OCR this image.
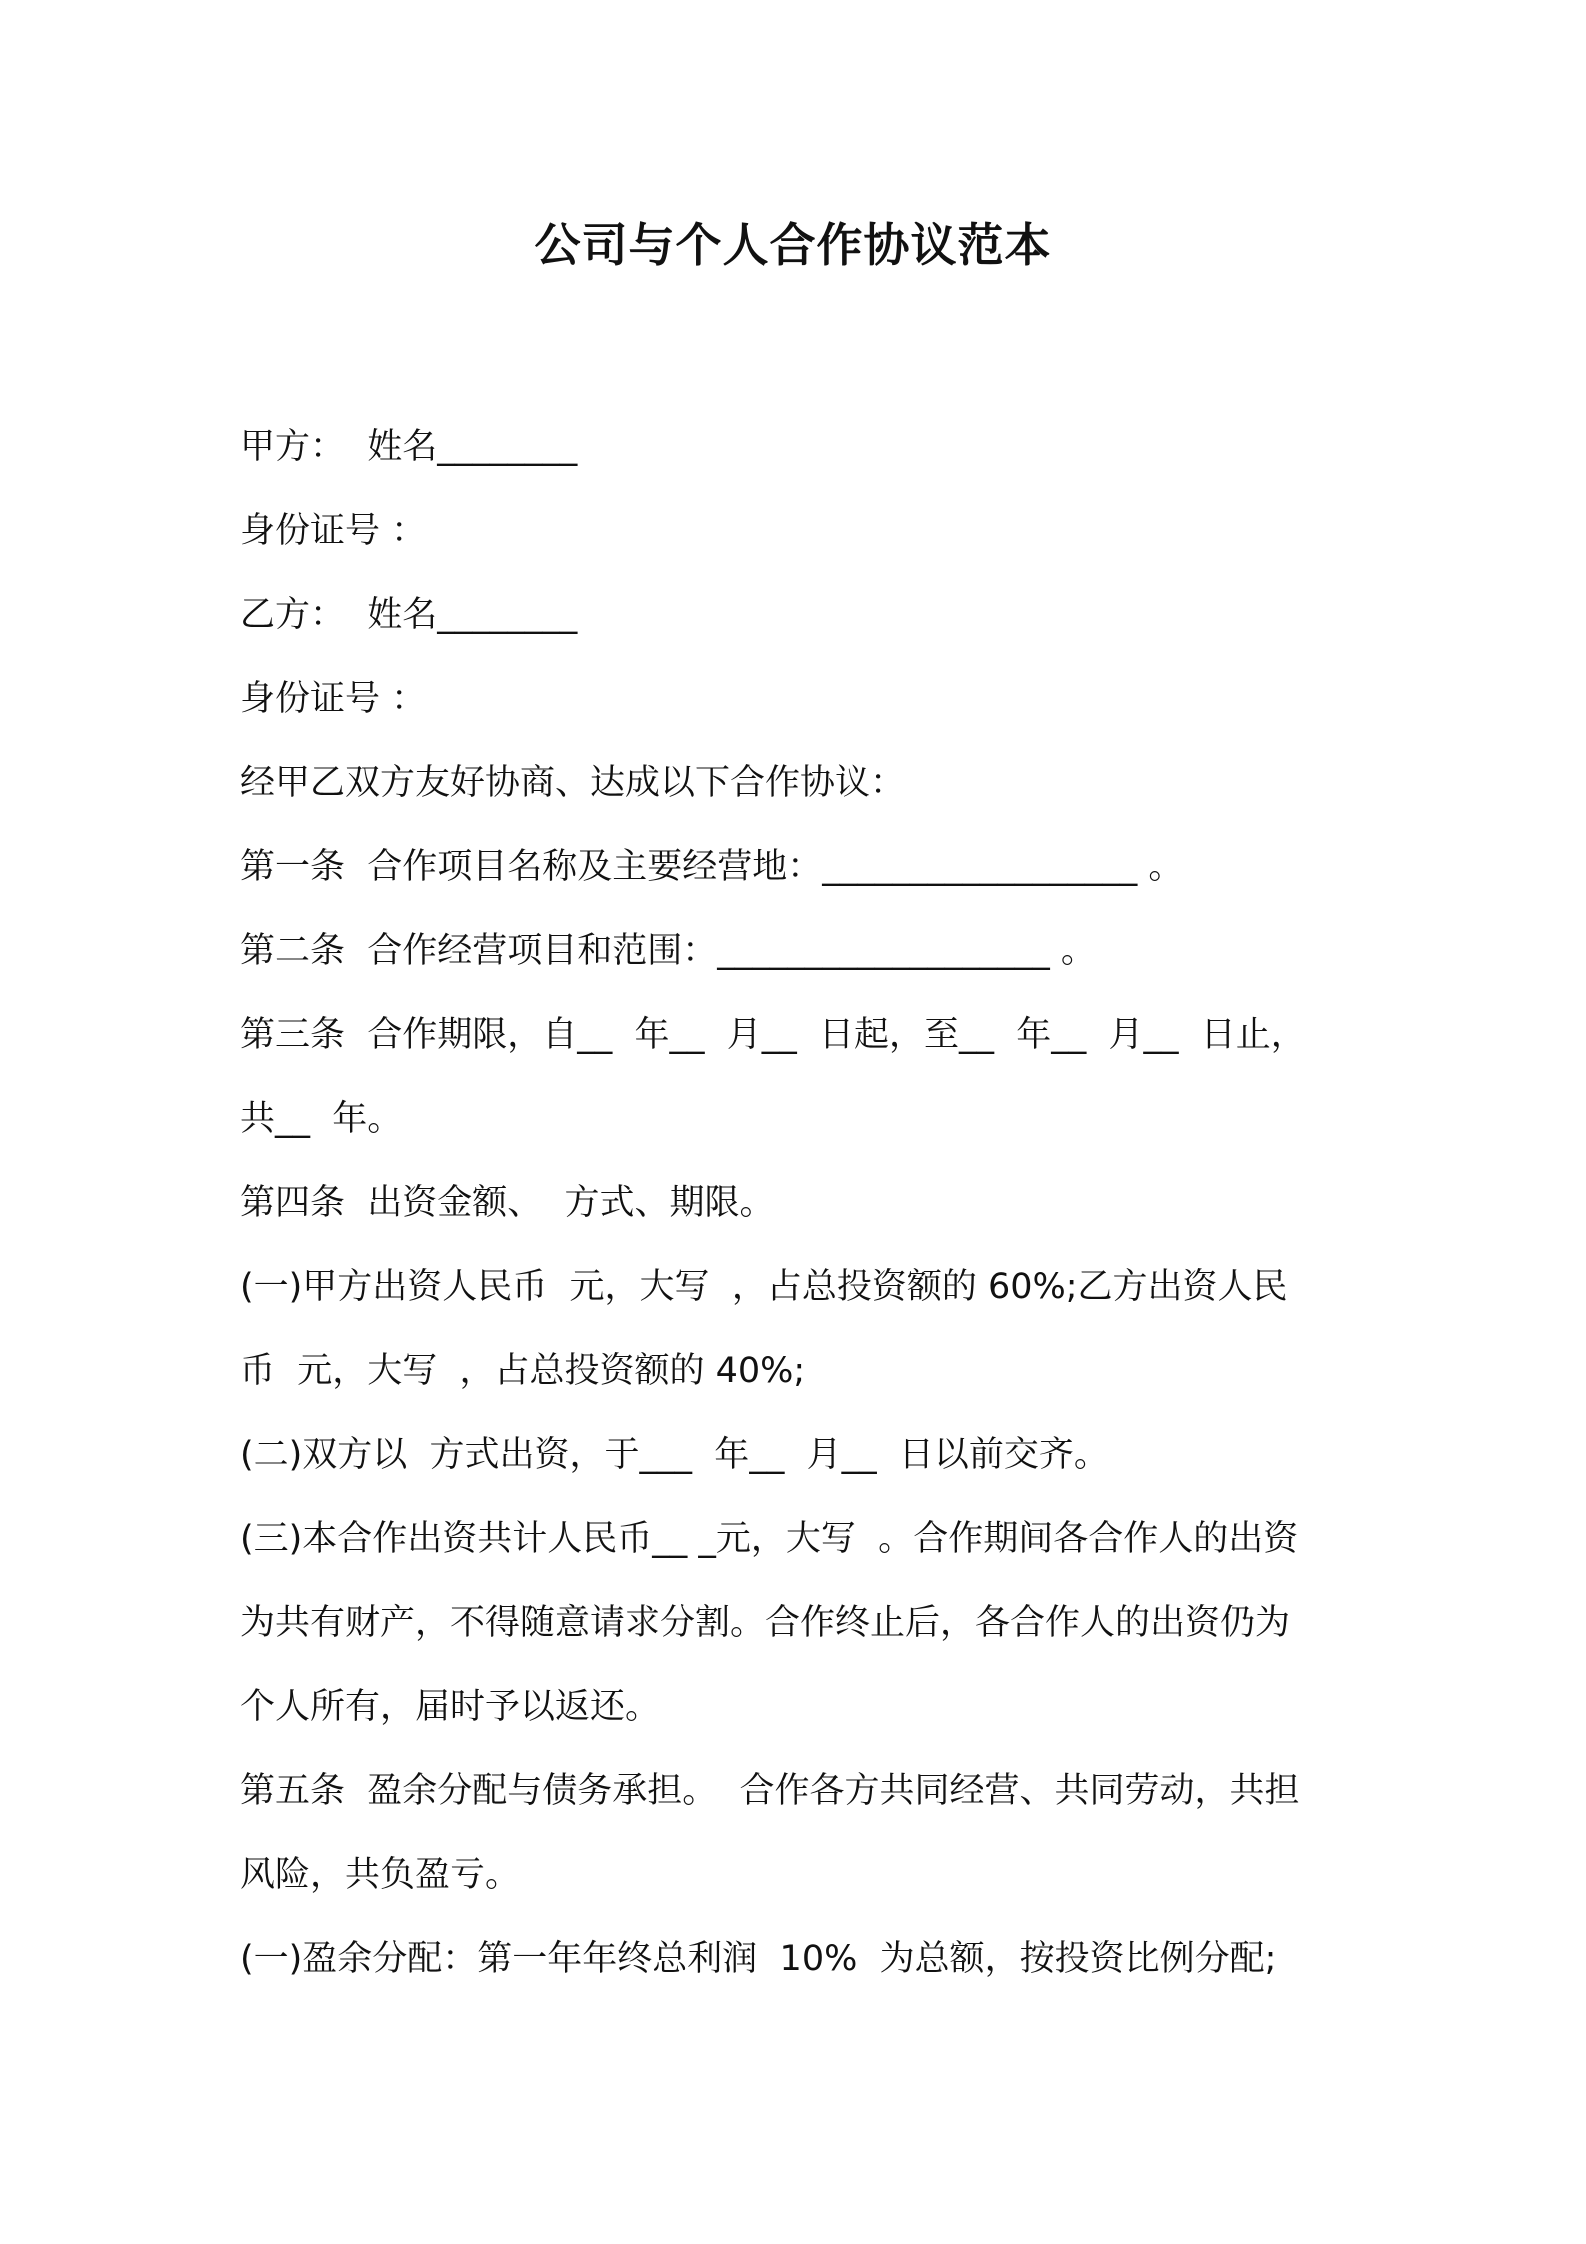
公司与个人合作协议范本
甲方：  姓名________
身份证号 ：
乙方：  姓名________
身份证号 ：
经甲乙双方友好协商、达成以下合作协议：
第一条  合作项目名称及主要经营地：__________________ 。
第二条  合作经营项目和范围：___________________ 。
第三条  合作期限，自__  年__  月__  日起，至__  年__  月__  日止，
共__  年。
第四条  出资金额、  方式、期限。
(一)甲方出资人民币  元，大写  ，占总投资额的 60%;乙方出资人民
币  元，大写  ，占总投资额的 40%;
(二)双方以  方式出资，于___  年__  月__  日以前交齐。
(三)本合作出资共计人民币__ _元，大写  。合作期间各合作人的出资
为共有财产，不得随意请求分割。合作终止后，各合作人的出资仍为
个人所有，届时予以返还。
第五条  盈余分配与债务承担。  合作各方共同经营、共同劳动，共担
风险，共负盈亏。
(一)盈余分配：第一年年终总利润  10%  为总额，按投资比例分配;
